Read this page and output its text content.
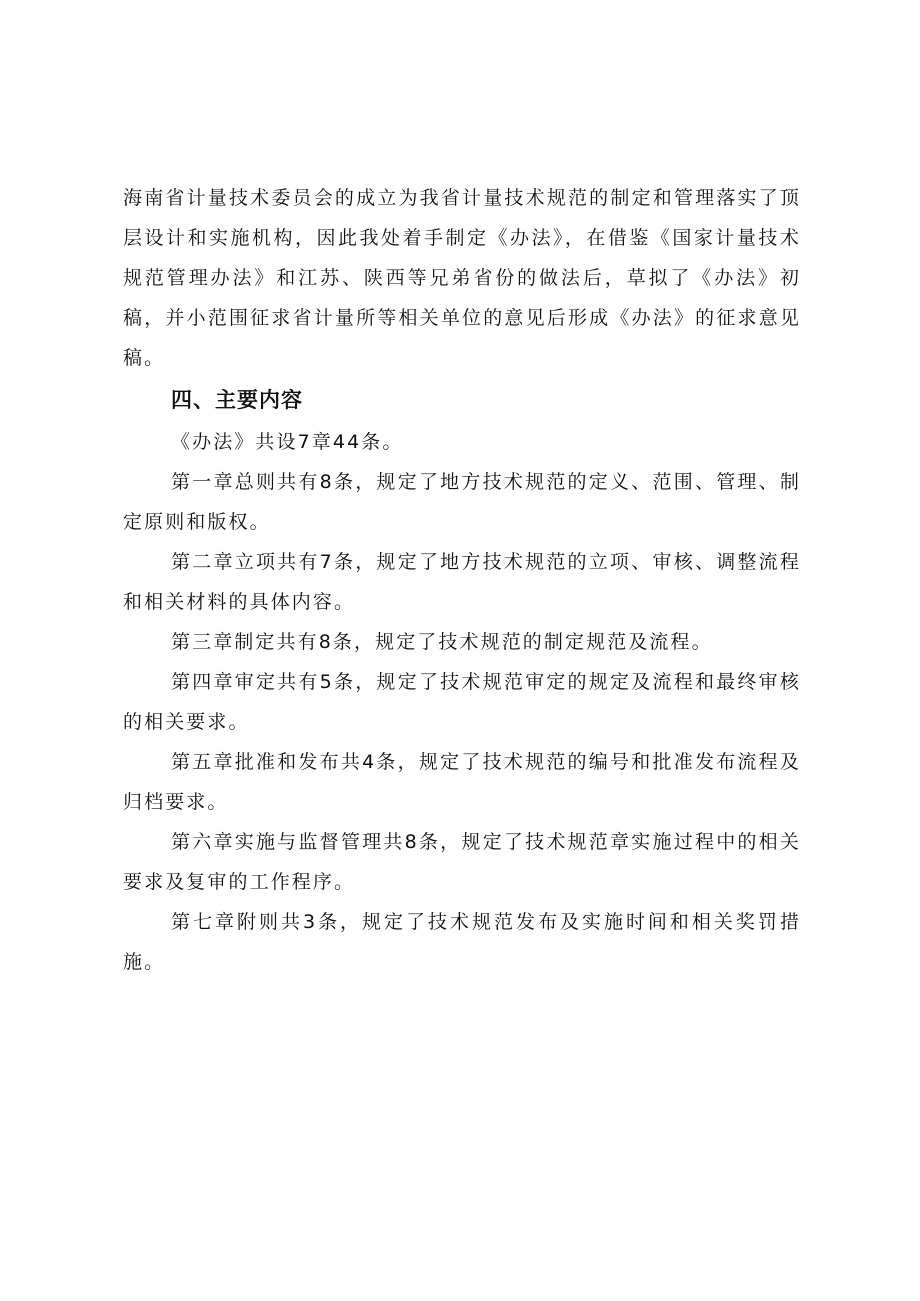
海南省计量技术委员会的成立为我省计量技术规范的制定和管理落实了顶层设计和实施机构，因此我处着手制定《办法》，在借鉴《国家计量技术规范管理办法》和江苏、陕西等兄弟省份的做法后，草拟了《办法》初稿，并小范围征求省计量所等相关单位的意见后形成《办法》的征求意见稿。

四、主要内容

《办法》共设7章44条。

第一章总则共有8条，规定了地方技术规范的定义、范围、管理、制定原则和版权。

第二章立项共有7条，规定了地方技术规范的立项、审核、调整流程和相关材料的具体内容。

第三章制定共有8条，规定了技术规范的制定规范及流程。

第四章审定共有5条，规定了技术规范审定的规定及流程和最终审核的相关要求。

第五章批准和发布共4条，规定了技术规范的编号和批准发布流程及归档要求。

第六章实施与监督管理共8条，规定了技术规范章实施过程中的相关要求及复审的工作程序。

第七章附则共3条，规定了技术规范发布及实施时间和相关奖罚措施。
